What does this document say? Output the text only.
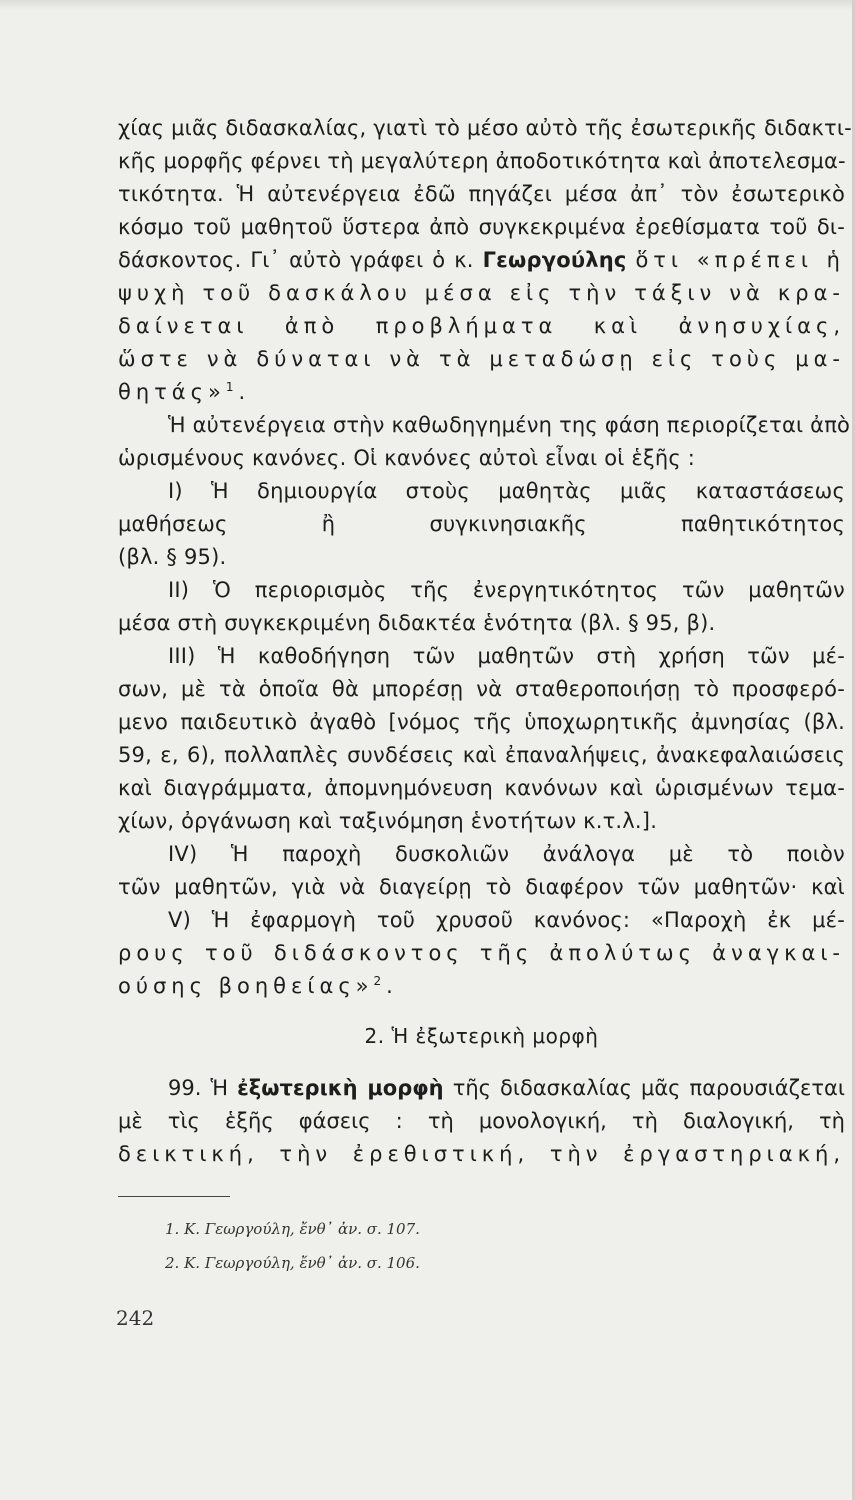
χίας μιᾶς διδασκαλίας, γιατὶ τὸ μέσο αὐτὸ τῆς ἐσωτερικῆς διδακτι-
κῆς μορφῆς φέρνει τὴ μεγαλύτερη ἀποδοτικότητα καὶ ἀποτελεσμα-
τικότητα. Ἡ αὐτενέργεια ἐδῶ πηγάζει μέσα ἀπ᾽ τὸν ἐσωτερικὸ
κόσμο τοῦ μαθητοῦ ὕστερα ἀπὸ συγκεκριμένα ἐρεθίσματα τοῦ δι-
δάσκοντος. Γι᾽ αὐτὸ γράφει ὁ κ. Γεωργούλης ὅτι «πρέπει ἡ
ψυχὴ τοῦ δασκάλου μέσα εἰς τὴν τάξιν νὰ κρα-
δαίνεται ἀπὸ προβλήματα καὶ ἀνησυχίας,
ὥστε νὰ δύναται νὰ τὰ μεταδώσῃ εἰς τοὺς μα-
θητάς»$^1$.
Ἡ αὐτενέργεια στὴν καθωδηγημένη της φάση περιορίζεται ἀπὸ
ὡρισμένους κανόνες. Οἱ κανόνες αὐτοὶ εἶναι οἱ ἑξῆς :
I) Ἡ δημιουργία στοὺς μαθητὰς μιᾶς καταστάσεως
μαθήσεως ἢ συγκινησιακῆς παθητικότητος
(βλ. § 95).
II) Ὁ περιορισμὸς τῆς ἐνεργητικότητος τῶν μαθητῶν
μέσα στὴ συγκεκριμένη διδακτέα ἑνότητα (βλ. § 95, β).
III) Ἡ καθοδήγηση τῶν μαθητῶν στὴ χρήση τῶν μέ-
σων, μὲ τὰ ὁποῖα θὰ μπορέσῃ νὰ σταθεροποιήσῃ τὸ προσφερό-
μενο παιδευτικὸ ἀγαθὸ [νόμος τῆς ὑποχωρητικῆς ἀμνησίας (βλ.
59, ε, 6), πολλαπλὲς συνδέσεις καὶ ἐπαναλήψεις, ἀνακεφαλαιώσεις
καὶ διαγράμματα, ἀπομνημόνευση κανόνων καὶ ὡρισμένων τεμα-
χίων, ὀργάνωση καὶ ταξινόμηση ἑνοτήτων κ.τ.λ.].
IV) Ἡ παροχὴ δυσκολιῶν ἀνάλογα μὲ τὸ ποιὸν
τῶν μαθητῶν, γιὰ νὰ διαγείρῃ τὸ διαφέρον τῶν μαθητῶν· καὶ
V) Ἡ ἐφαρμογὴ τοῦ χρυσοῦ κανόνος: «Παροχὴ ἐκ μέ-
ρους τοῦ διδάσκοντος τῆς ἀπολύτως ἀναγκαι-
ούσης βοηθείας»$^2$.
2. Ἡ ἐξωτερικὴ μορφὴ
99. Ἡ ἐξωτερικὴ μορφὴ τῆς διδασκαλίας μᾶς παρουσιάζεται
μὲ τὶς ἑξῆς φάσεις : τὴ μονολογική, τὴ διαλογική, τὴ
δεικτική, τὴν ἐρεθιστική, τὴν ἐργαστηριακή,
1. Κ. Γεωργούλη, ἔνθ᾽ ἀν. σ. 107.
2. Κ. Γεωργούλη, ἔνθ᾽ ἀν. σ. 106.
242
